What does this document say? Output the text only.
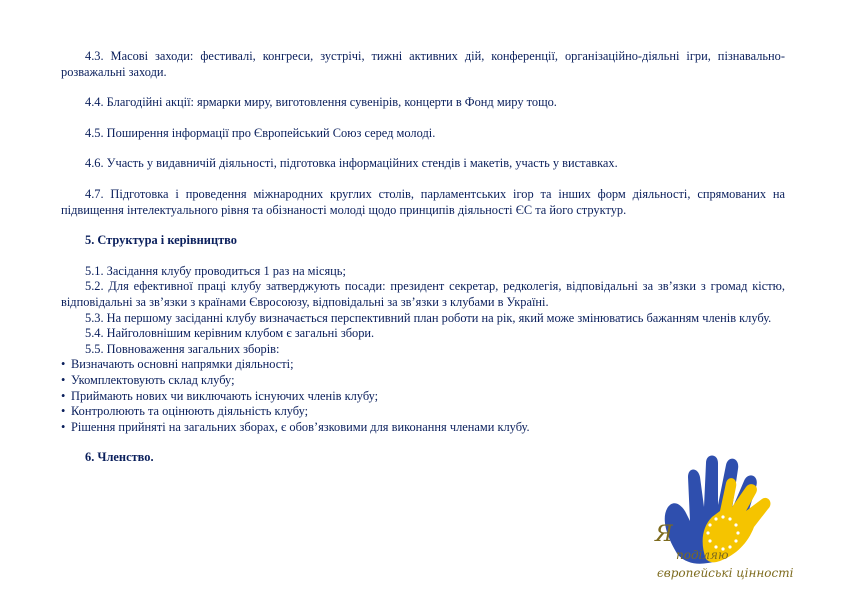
4.3. Масові заходи: фестивалі, конгреси, зустрічі, тижні активних дій, конференції, організаційно-діяльні ігри, пізнавально-розважальні заходи.

4.4. Благодійні акції: ярмарки миру, виготовлення сувенірів, концерти в Фонд миру тощо.

4.5. Поширення інформації про Європейський Союз серед молоді.

4.6. Участь у видавничій діяльності, підготовка інформаційних стендів і макетів, участь у виставках.

4.7. Підготовка і проведення міжнародних круглих столів, парламентських ігор та інших форм діяльності, спрямованих на підвищення інтелектуального рівня та обізнаності молоді щодо принципів діяльності ЄС та його структур.

5. Структура і керівництво

5.1. Засідання клубу проводиться 1 раз на місяць;

5.2. Для ефективної праці клубу затверджують посади: президент секретар, редколегія, відповідальні за зв’язки з громад кістю, відповідальні за зв’язки з країнами Євросоюзу, відповідальні за зв’язки з клубами в Україні.

5.3. На першому засіданні клубу визначається перспективний план роботи на рік, який може змінюватись бажанням членів клубу.

5.4. Найголовнішим керівним клубом є загальні збори.

5.5. Повноваження загальних зборів:

• Визначають основні напрямки діяльності;
• Укомплектовують склад клубу;
• Приймають нових чи виключають існуючих членів клубу;
• Контролюють та оцінюють діяльність клубу;
• Рішення прийняті на загальних зборах, є обов’язковими для виконання членами клубу.

6. Членство.

Я
поділяю
європейські цінності
